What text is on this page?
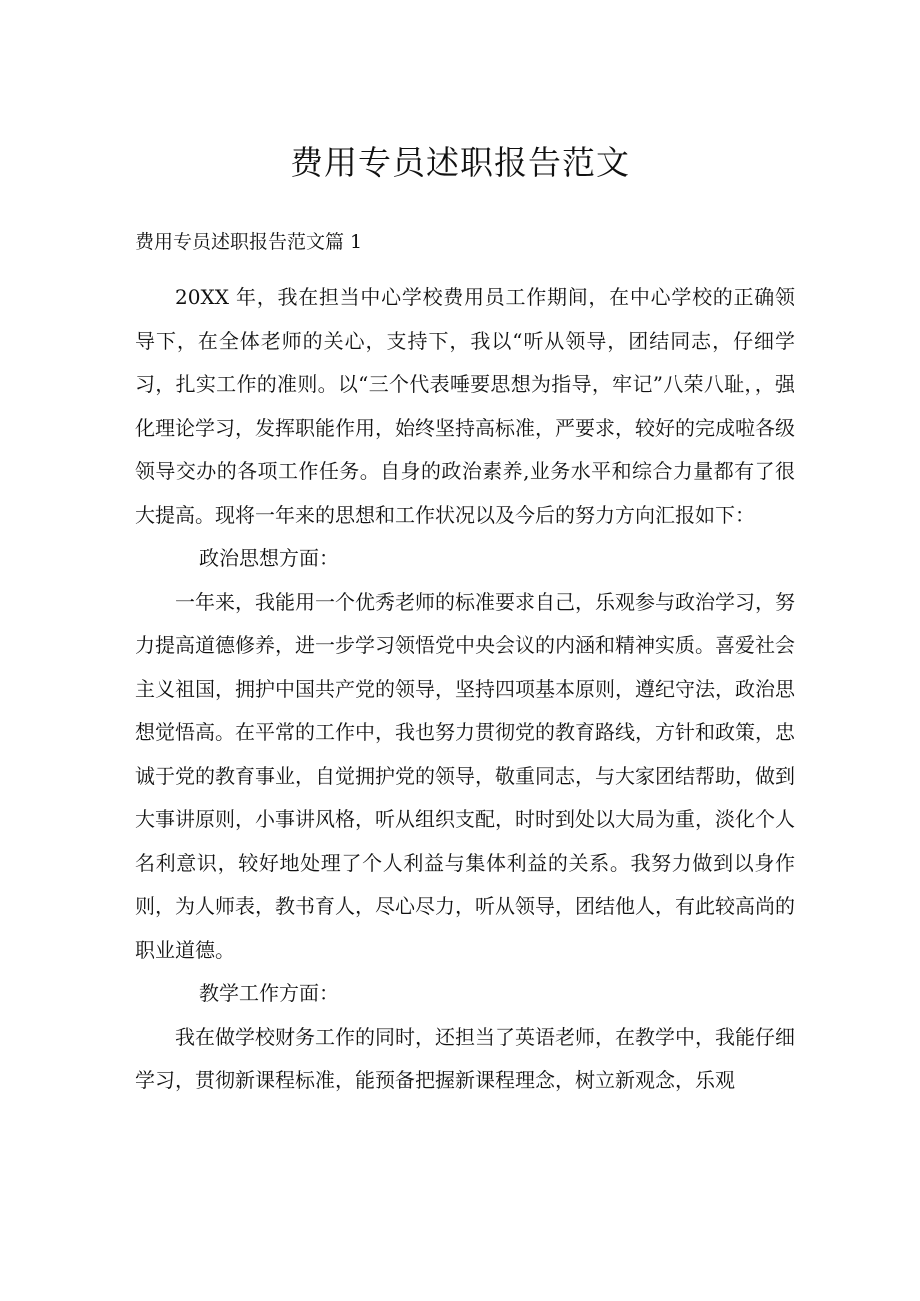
费用专员述职报告范文
费用专员述职报告范文篇 1

20XX 年，我在担当中心学校费用员工作期间，在中心学校的正确领导下，在全体老师的关心，支持下，我以“听从领导，团结同志，仔细学习，扎实工作的准则。以“三个代表唾要思想为指导，牢记”八荣八耻，，强化理论学习，发挥职能作用，始终坚持高标准，严要求，较好的完成啦各级领导交办的各项工作任务。自身的政治素养,业务水平和综合力量都有了很大提高。现将一年来的思想和工作状况以及今后的努力方向汇报如下：

政治思想方面：

一年来，我能用一个优秀老师的标准要求自己，乐观参与政治学习，努力提高道德修养，进一步学习领悟党中央会议的内涵和精神实质。喜爱社会主义祖国，拥护中国共产党的领导，坚持四项基本原则，遵纪守法，政治思想觉悟高。在平常的工作中，我也努力贯彻党的教育路线，方针和政策，忠诚于党的教育事业，自觉拥护党的领导，敬重同志，与大家团结帮助，做到大事讲原则，小事讲风格，听从组织支配，时时到处以大局为重，淡化个人名利意识，较好地处理了个人利益与集体利益的关系。我努力做到以身作则，为人师表，教书育人，尽心尽力，听从领导，团结他人，有此较高尚的职业道德。

教学工作方面：

我在做学校财务工作的同时，还担当了英语老师，在教学中，我能仔细学习，贯彻新课程标准，能预备把握新课程理念，树立新观念，乐观
